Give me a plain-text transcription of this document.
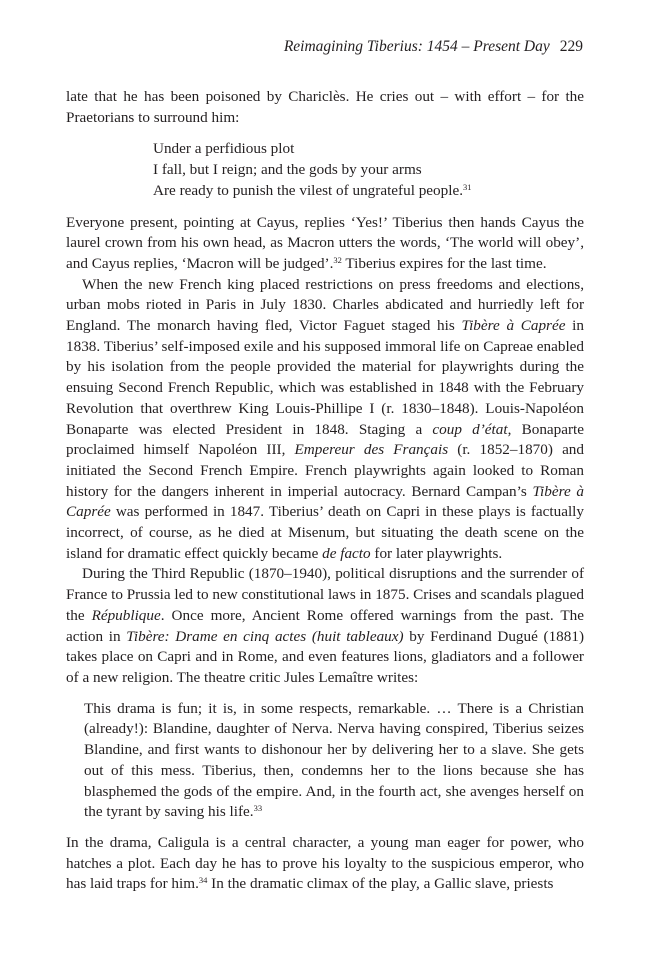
Reimagining Tiberius: 1454 – Present Day 229

late that he has been poisoned by Chariclès. He cries out – with effort – for the Praetorians to surround him:

Under a perfidious plot
I fall, but I reign; and the gods by your arms
Are ready to punish the vilest of ungrateful people.$^{31}$

Everyone present, pointing at Cayus, replies ‘Yes!’ Tiberius then hands Cayus the laurel crown from his own head, as Macron utters the words, ‘The world will obey’, and Cayus replies, ‘Macron will be judged’.$^{32}$ Tiberius expires for the last time.

When the new French king placed restrictions on press freedoms and elections, urban mobs rioted in Paris in July 1830. Charles abdicated and hurriedly left for England. The monarch having fled, Victor Faguet staged his Tibère à Caprée in 1838. Tiberius’ self-imposed exile and his supposed immoral life on Capreae enabled by his isolation from the people provided the material for playwrights during the ensuing Second French Republic, which was established in 1848 with the February Revolution that overthrew King Louis-Phillipe I (r. 1830–1848). Louis-Napoléon Bonaparte was elected President in 1848. Staging a coup d’état, Bonaparte proclaimed himself Napoléon III, Empereur des Français (r. 1852–1870) and initiated the Second French Empire. French playwrights again looked to Roman history for the dangers inherent in imperial autocracy. Bernard Campan’s Tibère à Caprée was performed in 1847. Tiberius’ death on Capri in these plays is factually incorrect, of course, as he died at Misenum, but situating the death scene on the island for dramatic effect quickly became de facto for later playwrights.

During the Third Republic (1870–1940), political disruptions and the surrender of France to Prussia led to new constitutional laws in 1875. Crises and scandals plagued the République. Once more, Ancient Rome offered warnings from the past. The action in Tibère: Drame en cinq actes (huit tableaux) by Ferdinand Dugué (1881) takes place on Capri and in Rome, and even features lions, gladiators and a follower of a new religion. The theatre critic Jules Lemaître writes:

This drama is fun; it is, in some respects, remarkable. … There is a Christian (already!): Blandine, daughter of Nerva. Nerva having conspired, Tiberius seizes Blandine, and first wants to dishonour her by delivering her to a slave. She gets out of this mess. Tiberius, then, condemns her to the lions because she has blasphemed the gods of the empire. And, in the fourth act, she avenges herself on the tyrant by saving his life.$^{33}$

In the drama, Caligula is a central character, a young man eager for power, who hatches a plot. Each day he has to prove his loyalty to the suspicious emperor, who has laid traps for him.$^{34}$ In the dramatic climax of the play, a Gallic slave, priests
